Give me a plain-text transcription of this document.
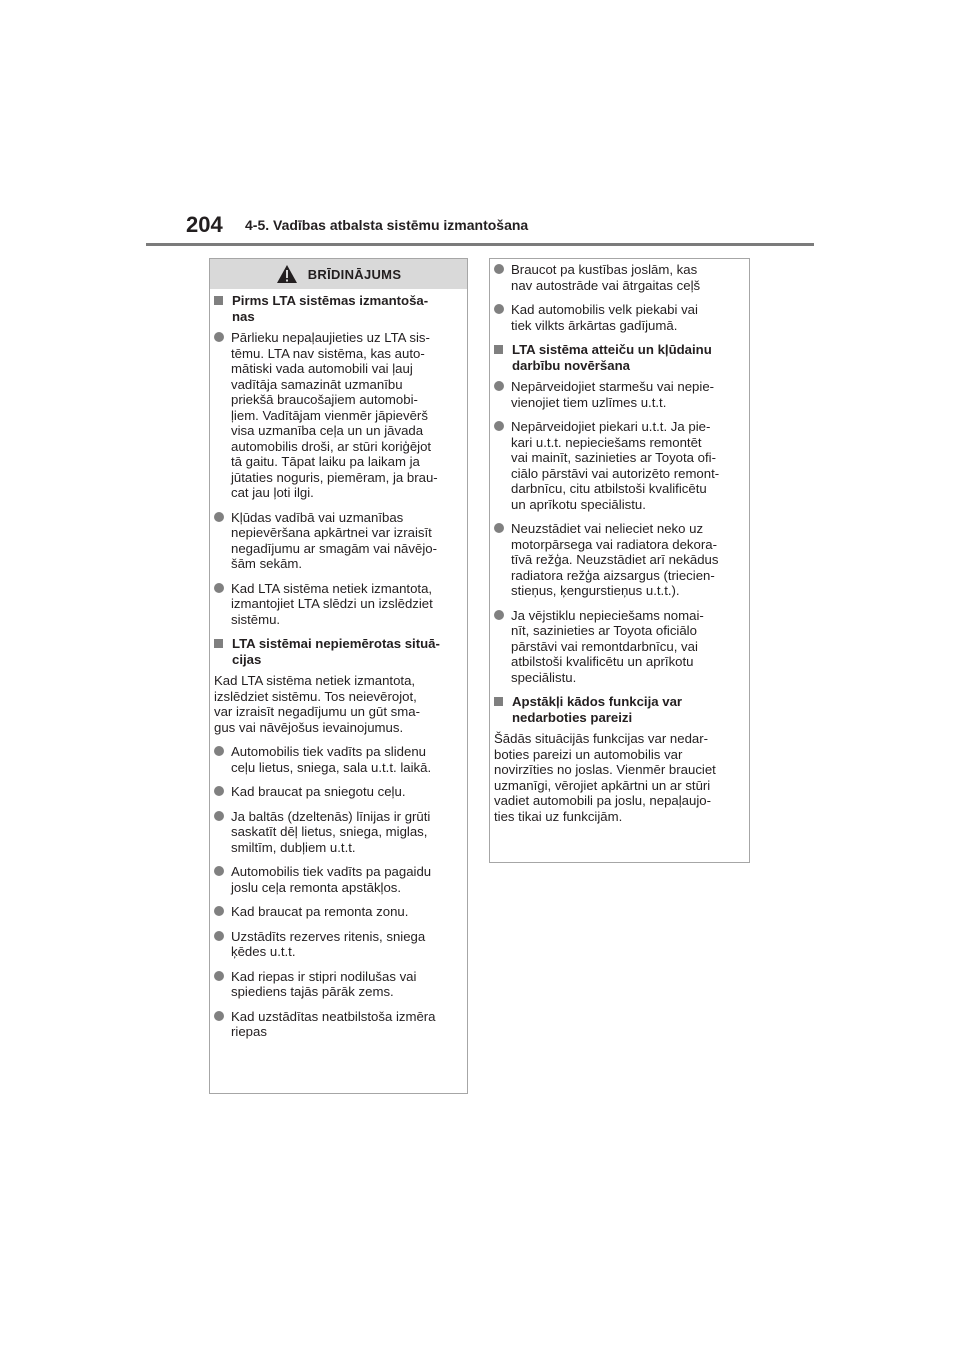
204 4-5. Vadības atbalsta sistēmu izmantošana
BRĪDINĀJUMS
Pirms LTA sistēmas izmantoša-
nas
Pārlieku nepaļaujieties uz LTA sis-
tēmu. LTA nav sistēma, kas auto-
mātiski vada automobili vai ļauj
vadītāja samazināt uzmanību
priekšā braucošajiem automobi-
ļiem. Vadītājam vienmēr jāpievērš
visa uzmanība ceļa un un jāvada
automobilis droši, ar stūri koriģējot
tā gaitu. Tāpat laiku pa laikam ja
jūtaties noguris, piemēram, ja brau-
cat jau ļoti ilgi.
Kļūdas vadībā vai uzmanības
nepievēršana apkārtnei var izraisīt
negadījumu ar smagām vai nāvējo-
šām sekām.
Kad LTA sistēma netiek izmantota,
izmantojiet LTA slēdzi un izslēdziet
sistēmu.
LTA sistēmai nepiemērotas situā-
cijas
Kad LTA sistēma netiek izmantota,
izslēdziet sistēmu. Tos neievērojot,
var izraisīt negadījumu un gūt sma-
gus vai nāvējošus ievainojumus.
Automobilis tiek vadīts pa slidenu
ceļu lietus, sniega, sala u.t.t. laikā.
Kad braucat pa sniegotu ceļu.
Ja baltās (dzeltenās) līnijas ir grūti
saskatīt dēļ lietus, sniega, miglas,
smiltīm, dubļiem u.t.t.
Automobilis tiek vadīts pa pagaidu
joslu ceļa remonta apstākļos.
Kad braucat pa remonta zonu.
Uzstādīts rezerves ritenis, sniega
ķēdes u.t.t.
Kad riepas ir stipri nodilušas vai
spiediens tajās pārāk zems.
Kad uzstādītas neatbilstoša izmēra
riepas
Braucot pa kustības joslām, kas
nav autostrāde vai ātrgaitas ceļš
Kad automobilis velk piekabi vai
tiek vilkts ārkārtas gadījumā.
LTA sistēma atteiču un kļūdainu
darbību novēršana
Nepārveidojiet starmešu vai nepie-
vienojiet tiem uzlīmes u.t.t.
Nepārveidojiet piekari u.t.t. Ja pie-
kari u.t.t. nepieciešams remontēt
vai mainīt, sazinieties ar Toyota ofi-
ciālo pārstāvi vai autorizēto remont-
darbnīcu, citu atbilstoši kvalificētu
un aprīkotu speciālistu.
Neuzstādiet vai nelieciet neko uz
motorpārsega vai radiatora dekora-
tīvā režģa. Neuzstādiet arī nekādus
radiatora režģa aizsargus (triecien-
stieņus, ķengurstieņus u.t.t.).
Ja vējstiklu nepieciešams nomai-
nīt, sazinieties ar Toyota oficiālo
pārstāvi vai remontdarbnīcu, vai
atbilstoši kvalificētu un aprīkotu
speciālistu.
Apstākļi kādos funkcija var
nedarboties pareizi
Šādās situācijās funkcijas var nedar-
boties pareizi un automobilis var
novirzīties no joslas. Vienmēr brauciet
uzmanīgi, vērojiet apkārtni un ar stūri
vadiet automobili pa joslu, nepaļaujo-
ties tikai uz funkcijām.
